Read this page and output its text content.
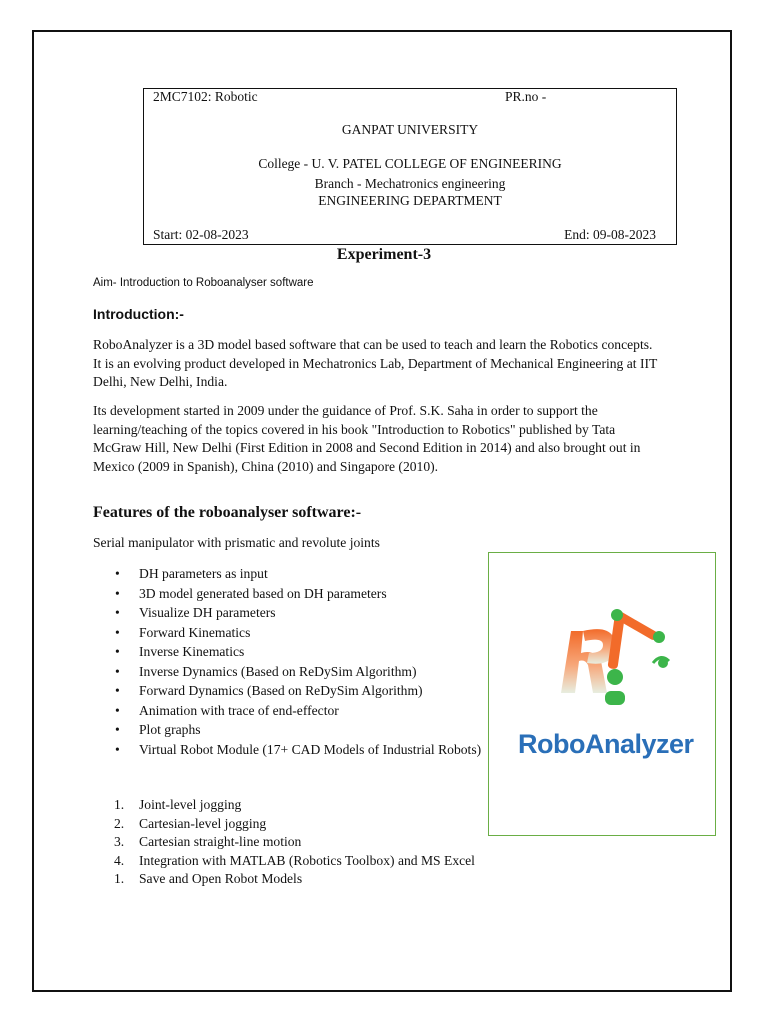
2MC7102: Robotic	PR.no -
GANPAT UNIVERSITY
College - U. V. PATEL COLLEGE OF ENGINEERING
Branch - Mechatronics engineering
ENGINEERING DEPARTMENT
Start: 02-08-2023	End: 09-08-2023
Experiment-3
Aim- Introduction to Roboanalyser software
Introduction:-

RoboAnalyzer is a 3D model based software that can be used to teach and learn the Robotics concepts. It is an evolving product developed in Mechatronics Lab, Department of Mechanical Engineering at IIT Delhi, New Delhi, India.

Its development started in 2009 under the guidance of Prof. S.K. Saha in order to support the learning/teaching of the topics covered in his book "Introduction to Robotics" published by Tata McGraw Hill, New Delhi (First Edition in 2008 and Second Edition in 2014) and also brought out in Mexico (2009 in Spanish), China (2010) and Singapore (2010).

Features of the roboanalyser software:-
Serial manipulator with prismatic and revolute joints
• DH parameters as input
• 3D model generated based on DH parameters
• Visualize DH parameters
• Forward Kinematics
• Inverse Kinematics
• Inverse Dynamics (Based on ReDySim Algorithm)
• Forward Dynamics (Based on ReDySim Algorithm)
• Animation with trace of end-effector
• Plot graphs
• Virtual Robot Module (17+ CAD Models of Industrial Robots)
1. Joint-level jogging
2. Cartesian-level jogging
3. Cartesian straight-line motion
4. Integration with MATLAB (Robotics Toolbox) and MS Excel
1. Save and Open Robot Models
RoboAnalyzer
